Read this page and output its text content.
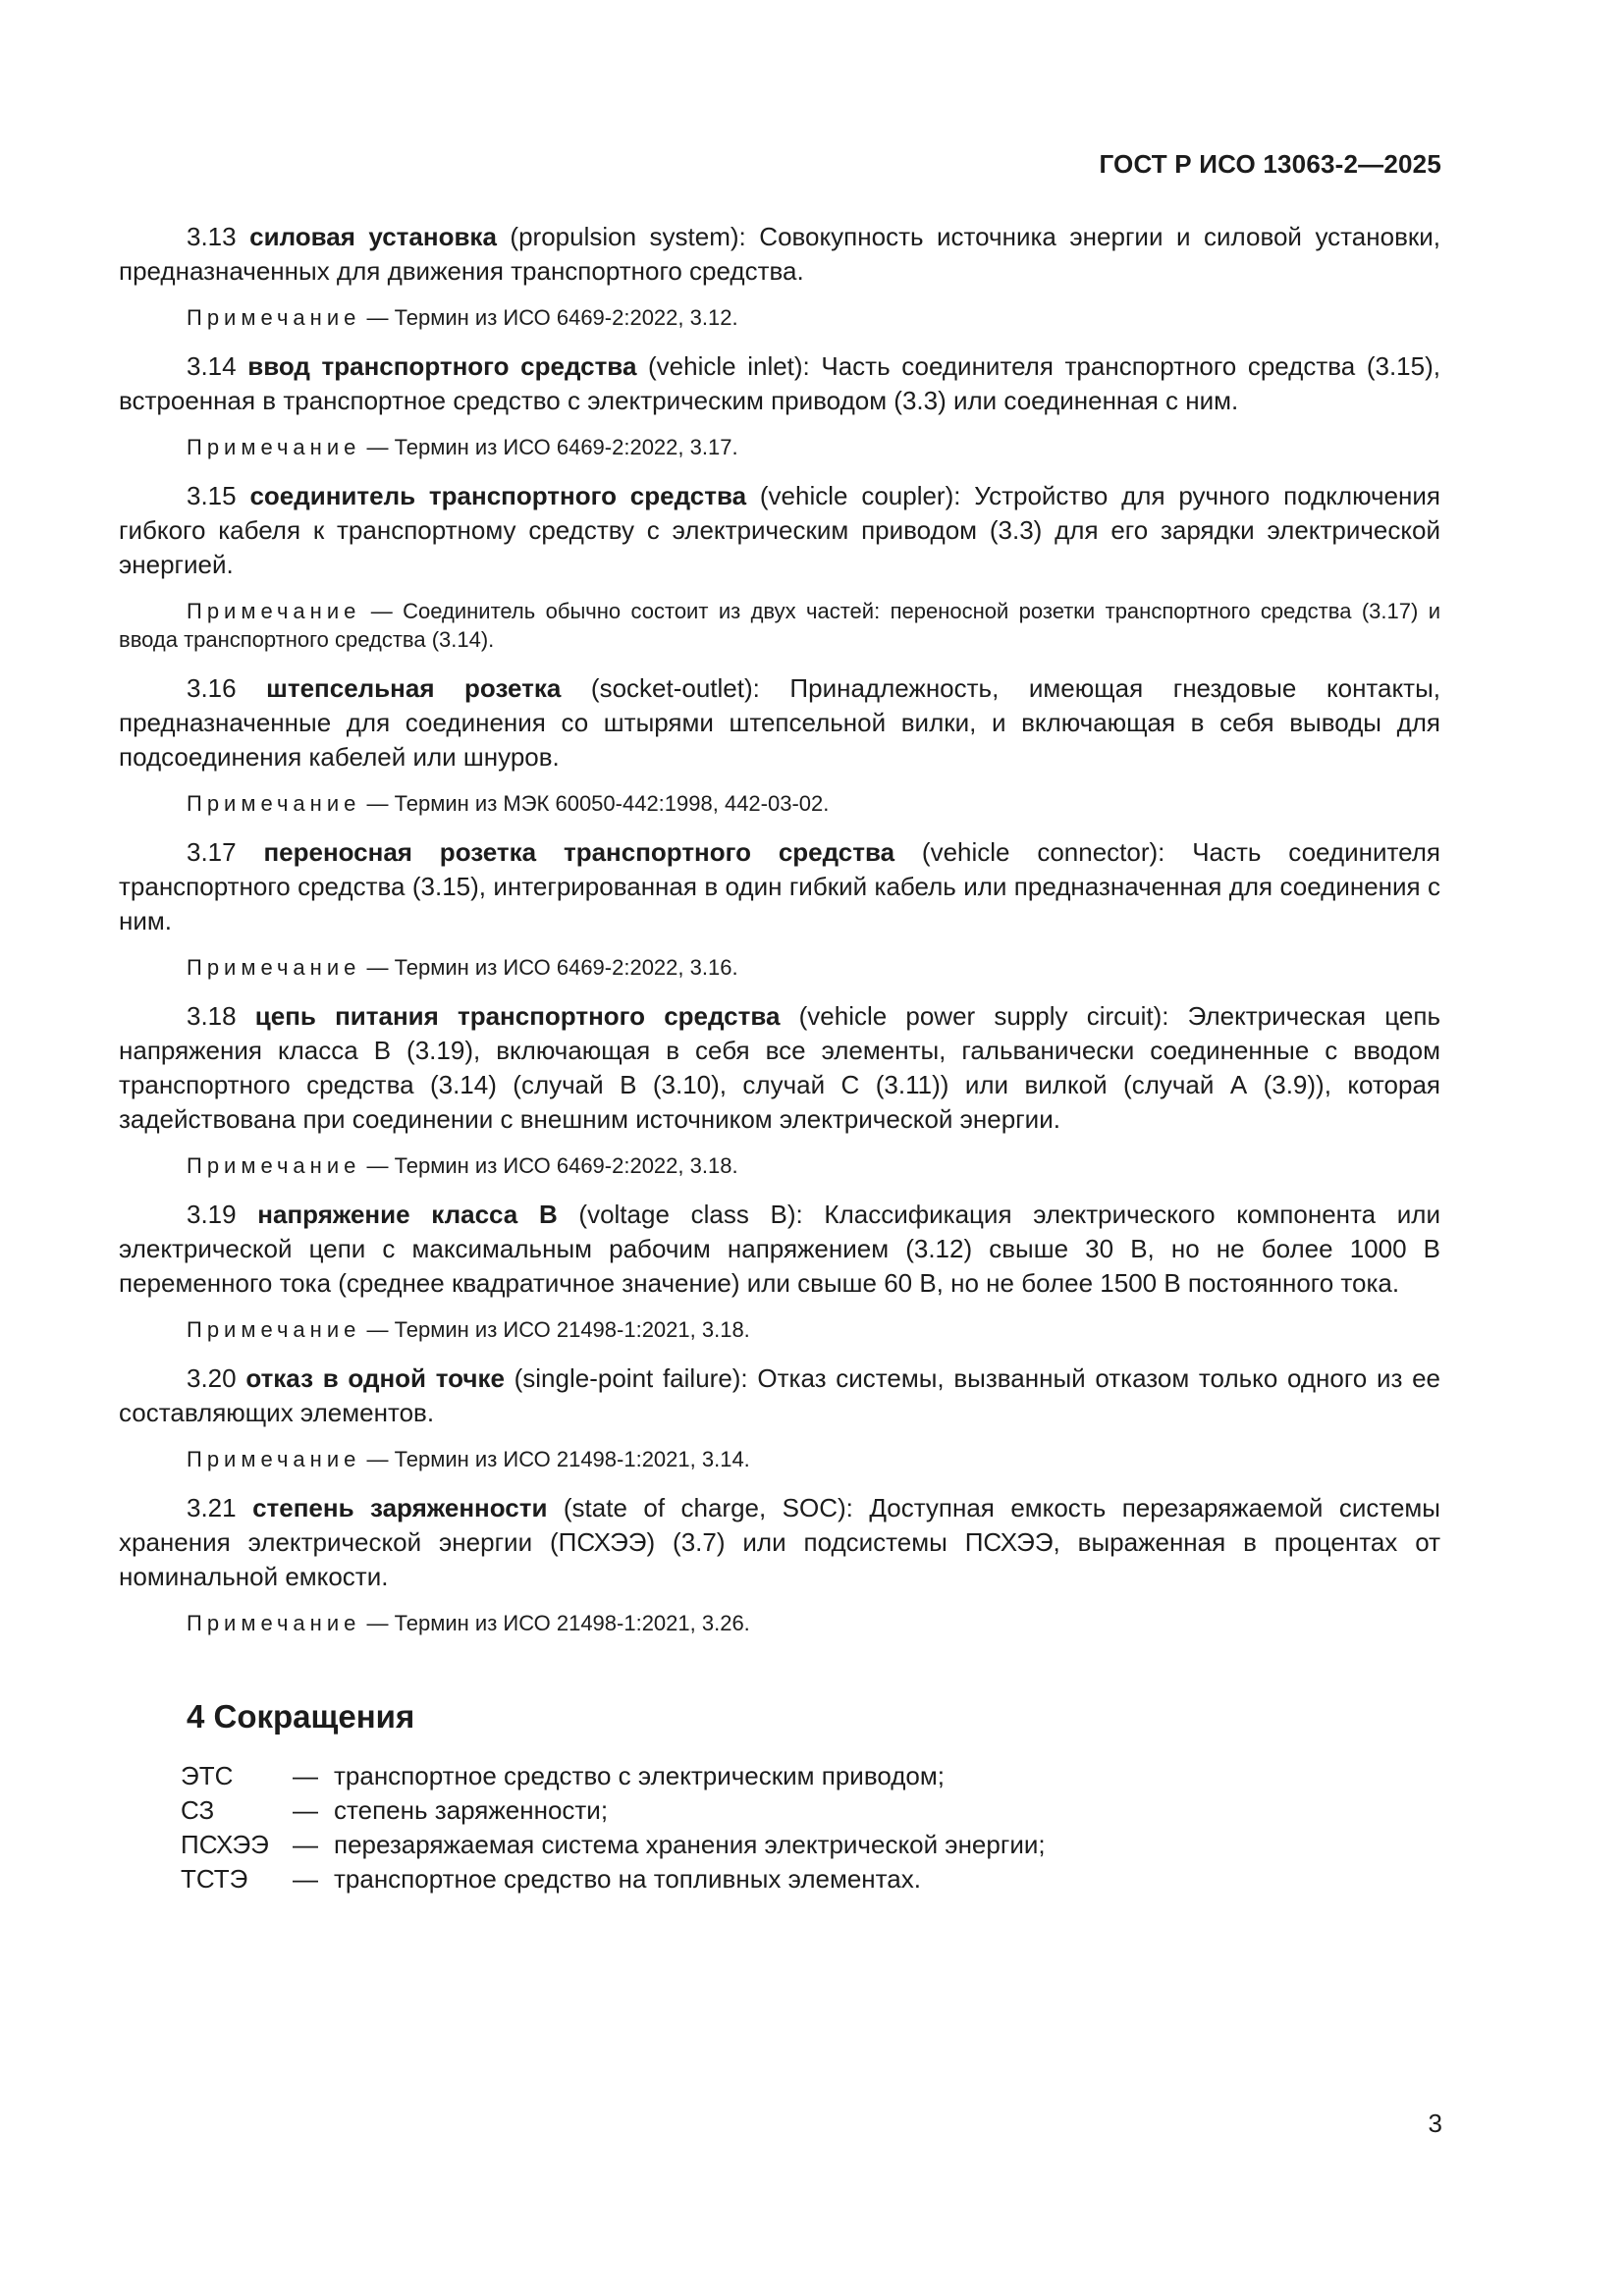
ГОСТ Р ИСО 13063-2—2025

3.13 силовая установка (propulsion system): Совокупность источника энергии и силовой установки, предназначенных для движения транспортного средства.

Примечание — Термин из ИСО 6469-2:2022, 3.12.

3.14 ввод транспортного средства (vehicle inlet): Часть соединителя транспортного средства (3.15), встроенная в транспортное средство с электрическим приводом (3.3) или соединенная с ним.

Примечание — Термин из ИСО 6469-2:2022, 3.17.

3.15 соединитель транспортного средства (vehicle coupler): Устройство для ручного подключения гибкого кабеля к транспортному средству с электрическим приводом (3.3) для его зарядки электрической энергией.

Примечание — Соединитель обычно состоит из двух частей: переносной розетки транспортного средства (3.17) и ввода транспортного средства (3.14).

3.16 штепсельная розетка (socket-outlet): Принадлежность, имеющая гнездовые контакты, предназначенные для соединения со штырями штепсельной вилки, и включающая в себя выводы для подсоединения кабелей или шнуров.

Примечание — Термин из МЭК 60050-442:1998, 442-03-02.

3.17 переносная розетка транспортного средства (vehicle connector): Часть соединителя транспортного средства (3.15), интегрированная в один гибкий кабель или предназначенная для соединения с ним.

Примечание — Термин из ИСО 6469-2:2022, 3.16.

3.18 цепь питания транспортного средства (vehicle power supply circuit): Электрическая цепь напряжения класса В (3.19), включающая в себя все элементы, гальванически соединенные с вводом транспортного средства (3.14) (случай В (3.10), случай С (3.11)) или вилкой (случай А (3.9)), которая задействована при соединении с внешним источником электрической энергии.

Примечание — Термин из ИСО 6469-2:2022, 3.18.

3.19 напряжение класса В (voltage class B): Классификация электрического компонента или электрической цепи с максимальным рабочим напряжением (3.12) свыше 30 В, но не более 1000 В переменного тока (среднее квадратичное значение) или свыше 60 В, но не более 1500 В постоянного тока.

Примечание — Термин из ИСО 21498-1:2021, 3.18.

3.20 отказ в одной точке (single-point failure): Отказ системы, вызванный отказом только одного из ее составляющих элементов.

Примечание — Термин из ИСО 21498-1:2021, 3.14.

3.21 степень заряженности (state of charge, SOC): Доступная емкость перезаряжаемой системы хранения электрической энергии (ПСХЭЭ) (3.7) или подсистемы ПСХЭЭ, выраженная в процентах от номинальной емкости.

Примечание — Термин из ИСО 21498-1:2021, 3.26.

4 Сокращения
ЭТС	— транспортное средство с электрическим приводом;
СЗ	— степень заряженности;
ПСХЭЭ — перезаряжаемая система хранения электрической энергии;
ТСТЭ	— транспортное средство на топливных элементах.
3
